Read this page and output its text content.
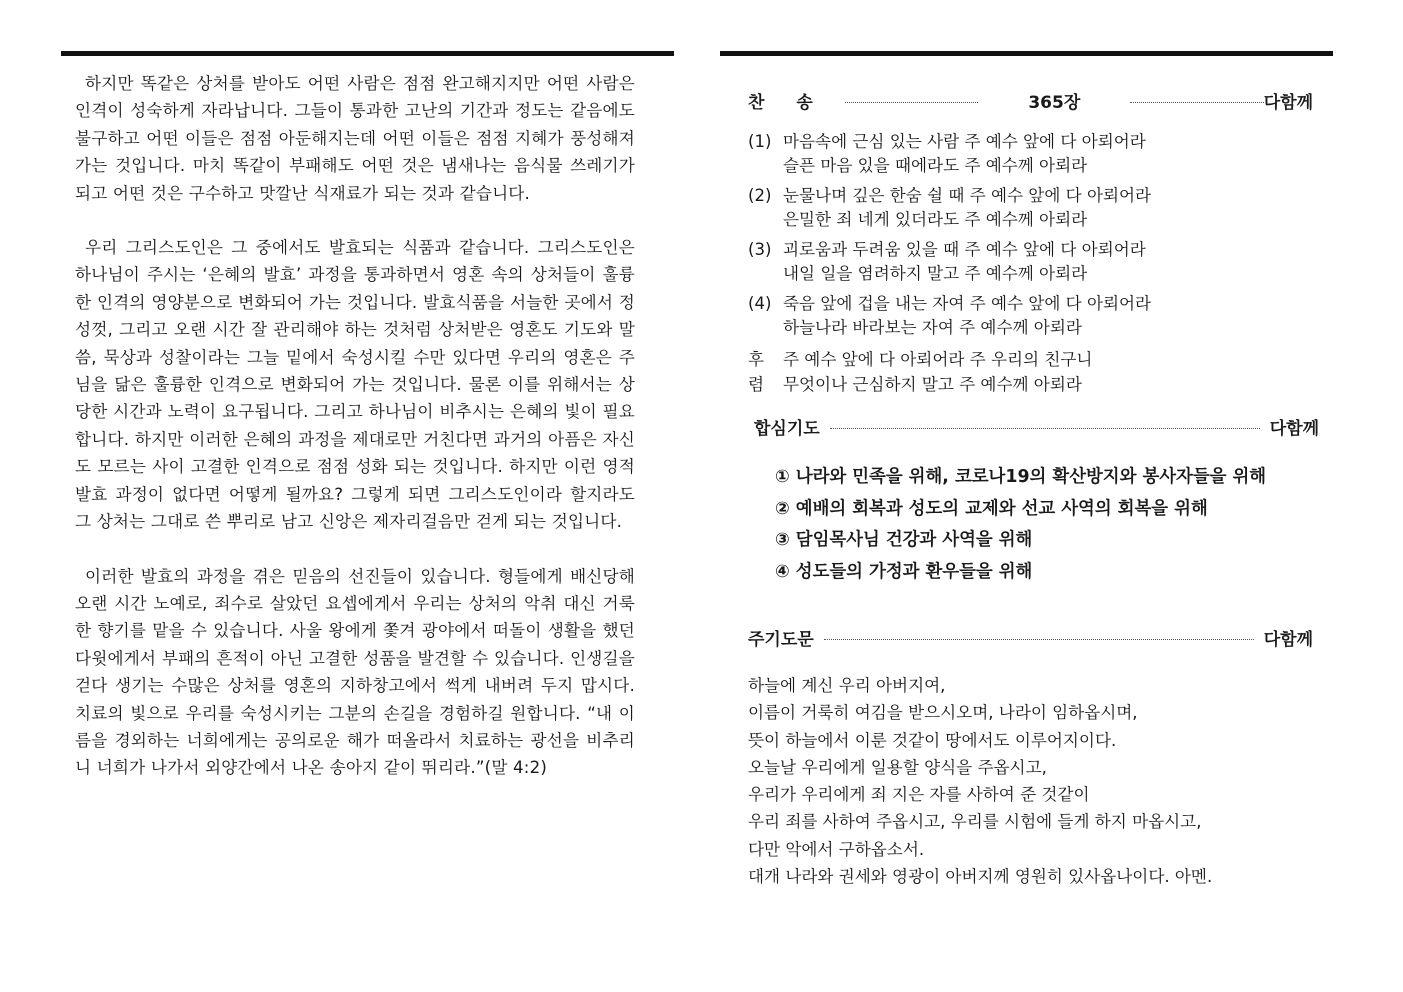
하지만 똑같은 상처를 받아도 어떤 사람은 점점 완고해지지만 어떤 사람은 인격이 성숙하게 자라납니다. 그들이 통과한 고난의 기간과 정도는 같음에도 불구하고 어떤 이들은 점점 아둔해지는데 어떤 이들은 점점 지혜가 풍성해져가는 것입니다. 마치 똑같이 부패해도 어떤 것은 냄새나는 음식물 쓰레기가 되고 어떤 것은 구수하고 맛깔난 식재료가 되는 것과 같습니다.

우리 그리스도인은 그 중에서도 발효되는 식품과 같습니다. 그리스도인은 하나님이 주시는 ‘은혜의 발효’ 과정을 통과하면서 영혼 속의 상처들이 훌륭한 인격의 영양분으로 변화되어 가는 것입니다. 발효식품을 서늘한 곳에서 정성껏, 그리고 오랜 시간 잘 관리해야 하는 것처럼 상처받은 영혼도 기도와 말씀, 묵상과 성찰이라는 그늘 밑에서 숙성시킬 수만 있다면 우리의 영혼은 주님을 닮은 훌륭한 인격으로 변화되어 가는 것입니다. 물론 이를 위해서는 상당한 시간과 노력이 요구됩니다. 그리고 하나님이 비추시는 은혜의 빛이 필요합니다. 하지만 이러한 은혜의 과정을 제대로만 거친다면 과거의 아픔은 자신도 모르는 사이 고결한 인격으로 점점 성화 되는 것입니다. 하지만 이런 영적 발효 과정이 없다면 어떻게 될까요? 그렇게 되면 그리스도인이라 할지라도 그 상처는 그대로 쓴 뿌리로 남고 신앙은 제자리걸음만 걷게 되는 것입니다.

이러한 발효의 과정을 겪은 믿음의 선진들이 있습니다. 형들에게 배신당해 오랜 시간 노예로, 죄수로 살았던 요셉에게서 우리는 상처의 악취 대신 거룩한 향기를 맡을 수 있습니다. 사울 왕에게 쫓겨 광야에서 떠돌이 생활을 했던 다윗에게서 부패의 흔적이 아닌 고결한 성품을 발견할 수 있습니다. 인생길을 걷다 생기는 수많은 상처를 영혼의 지하창고에서 썩게 내버려 두지 맙시다. 치료의 빛으로 우리를 숙성시키는 그분의 손길을 경험하길 원합니다. “내 이름을 경외하는 너희에게는 공의로운 해가 떠올라서 치료하는 광선을 비추리니 너희가 나가서 외양간에서 나온 송아지 같이 뛰리라.”(말 4:2)

찬송	365장	다함께
(1) 마음속에 근심 있는 사람 주 예수 앞에 다 아뢰어라
슬픈 마음 있을 때에라도 주 예수께 아뢰라
(2) 눈물나며 깊은 한숨 쉴 때 주 예수 앞에 다 아뢰어라
은밀한 죄 네게 있더라도 주 예수께 아뢰라
(3) 괴로움과 두려움 있을 때 주 예수 앞에 다 아뢰어라
내일 일을 염려하지 말고 주 예수께 아뢰라
(4) 죽음 앞에 겁을 내는 자여 주 예수 앞에 다 아뢰어라
하늘나라 바라보는 자여 주 예수께 아뢰라
후	주 예수 앞에 다 아뢰어라 주 우리의 친구니
렴	무엇이나 근심하지 말고 주 예수께 아뢰라
합심기도	다함께
① 나라와 민족을 위해, 코로나19의 확산방지와 봉사자들을 위해
② 예배의 회복과 성도의 교제와 선교 사역의 회복을 위해
③ 담임목사님 건강과 사역을 위해
④ 성도들의 가정과 환우들을 위해
주기도문	다함께
하늘에 계신 우리 아버지여,
이름이 거룩히 여김을 받으시오며, 나라이 임하옵시며,
뜻이 하늘에서 이룬 것같이 땅에서도 이루어지이다.
오늘날 우리에게 일용할 양식을 주옵시고,
우리가 우리에게 죄 지은 자를 사하여 준 것같이
우리 죄를 사하여 주옵시고, 우리를 시험에 들게 하지 마옵시고,
다만 악에서 구하옵소서.
대개 나라와 권세와 영광이 아버지께 영원히 있사옵나이다. 아멘.
